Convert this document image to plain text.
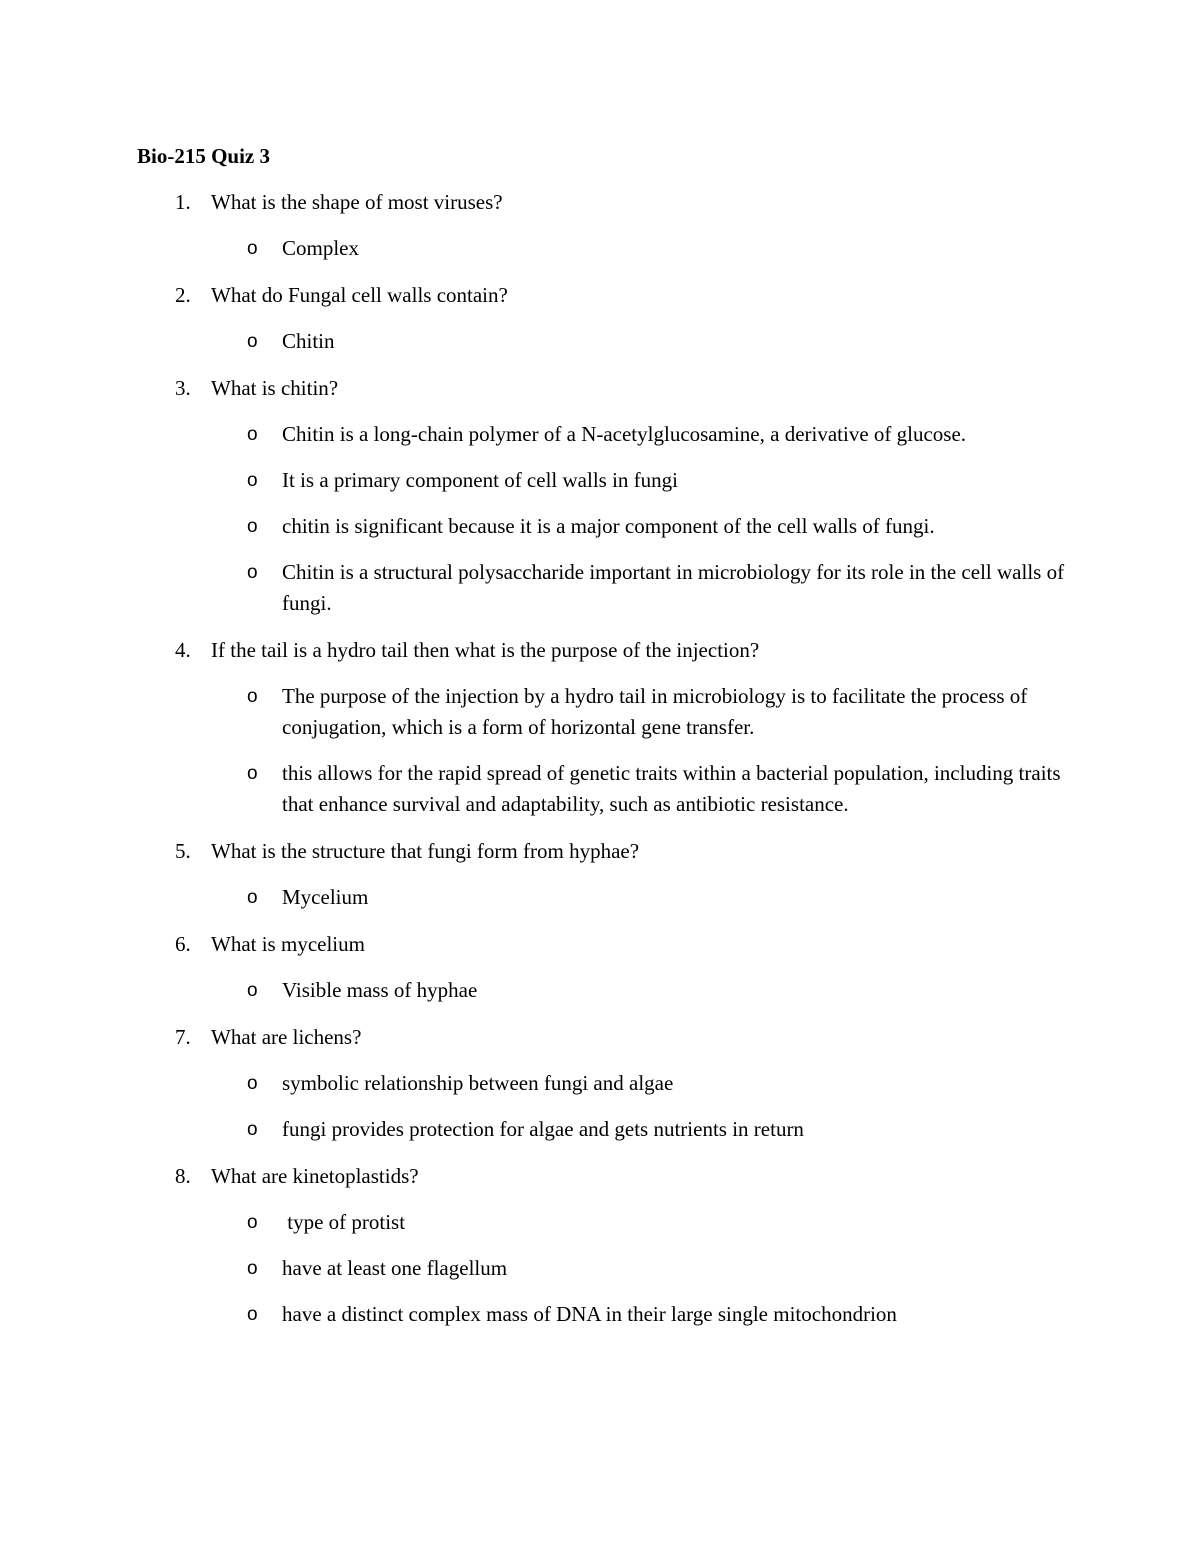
Bio-215 Quiz 3
1. What is the shape of most viruses?
o Complex
2. What do Fungal cell walls contain?
o Chitin
3. What is chitin?
o Chitin is a long-chain polymer of a N-acetylglucosamine, a derivative of glucose.
o It is a primary component of cell walls in fungi
o chitin is significant because it is a major component of the cell walls of fungi.
o Chitin is a structural polysaccharide important in microbiology for its role in the cell walls of fungi.
4. If the tail is a hydro tail then what is the purpose of the injection?
o The purpose of the injection by a hydro tail in microbiology is to facilitate the process of conjugation, which is a form of horizontal gene transfer.
o this allows for the rapid spread of genetic traits within a bacterial population, including traits that enhance survival and adaptability, such as antibiotic resistance.
5. What is the structure that fungi form from hyphae?
o Mycelium
6. What is mycelium
o Visible mass of hyphae
7. What are lichens?
o symbolic relationship between fungi and algae
o fungi provides protection for algae and gets nutrients in return
8. What are kinetoplastids?
o type of protist
o have at least one flagellum
o have a distinct complex mass of DNA in their large single mitochondrion
